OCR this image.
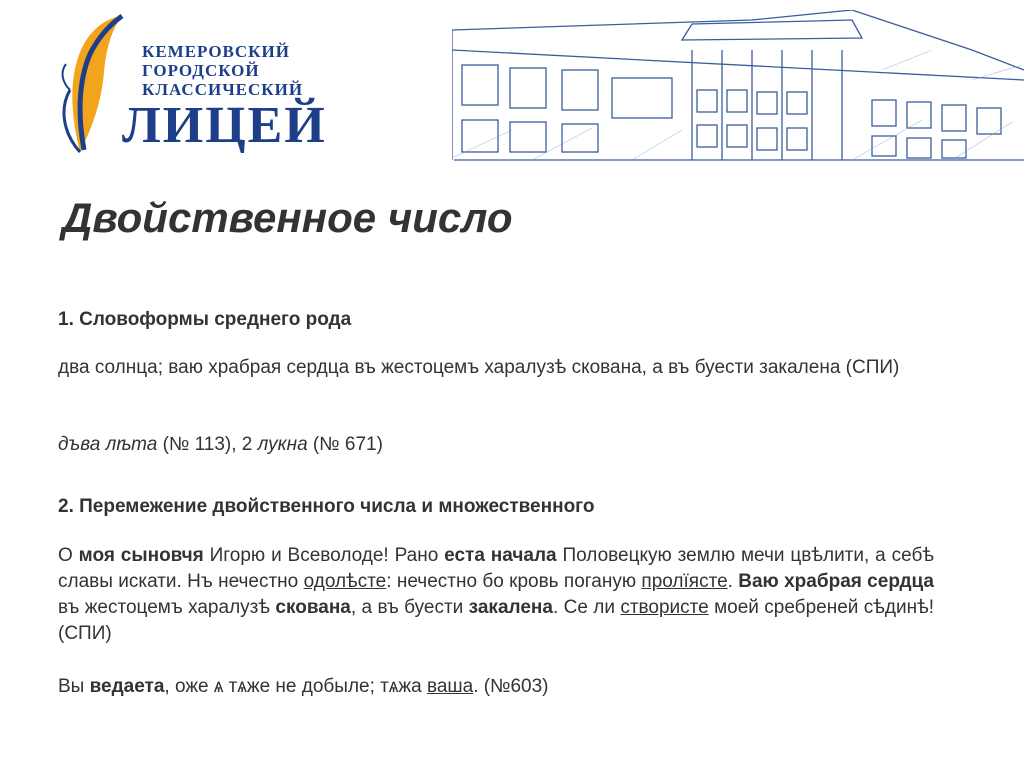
КЕМЕРОВСКИЙ
ГОРОДСКОЙ
КЛАССИЧЕСКИЙ
ЛИЦЕЙ
Двойственное число
1. Словоформы среднего рода

два солнца; ваю храбрая сердца въ жестоцемъ харалузѣ скована, а въ буести закалена (СПИ)

дъва лѣта (№ 113), 2 лукна (№ 671)

2. Перемежение двойственного числа и множественного

О моя сыновчя Игорю и Всеволоде! Рано еста начала Половецкую землю мечи цвѣлити, а себѣ славы искати. Нъ нечестно одолѣсте: нечестно бо кровь поганую пролїясте. Ваю храбрая сердца въ жестоцемъ харалузѣ скована, а въ буести закалена. Се ли створисте моей сребреней сѣдинѣ! (СПИ)

Вы ведаета, оже ѧ тѧже не добыле; тѧжа ваша. (№603)
